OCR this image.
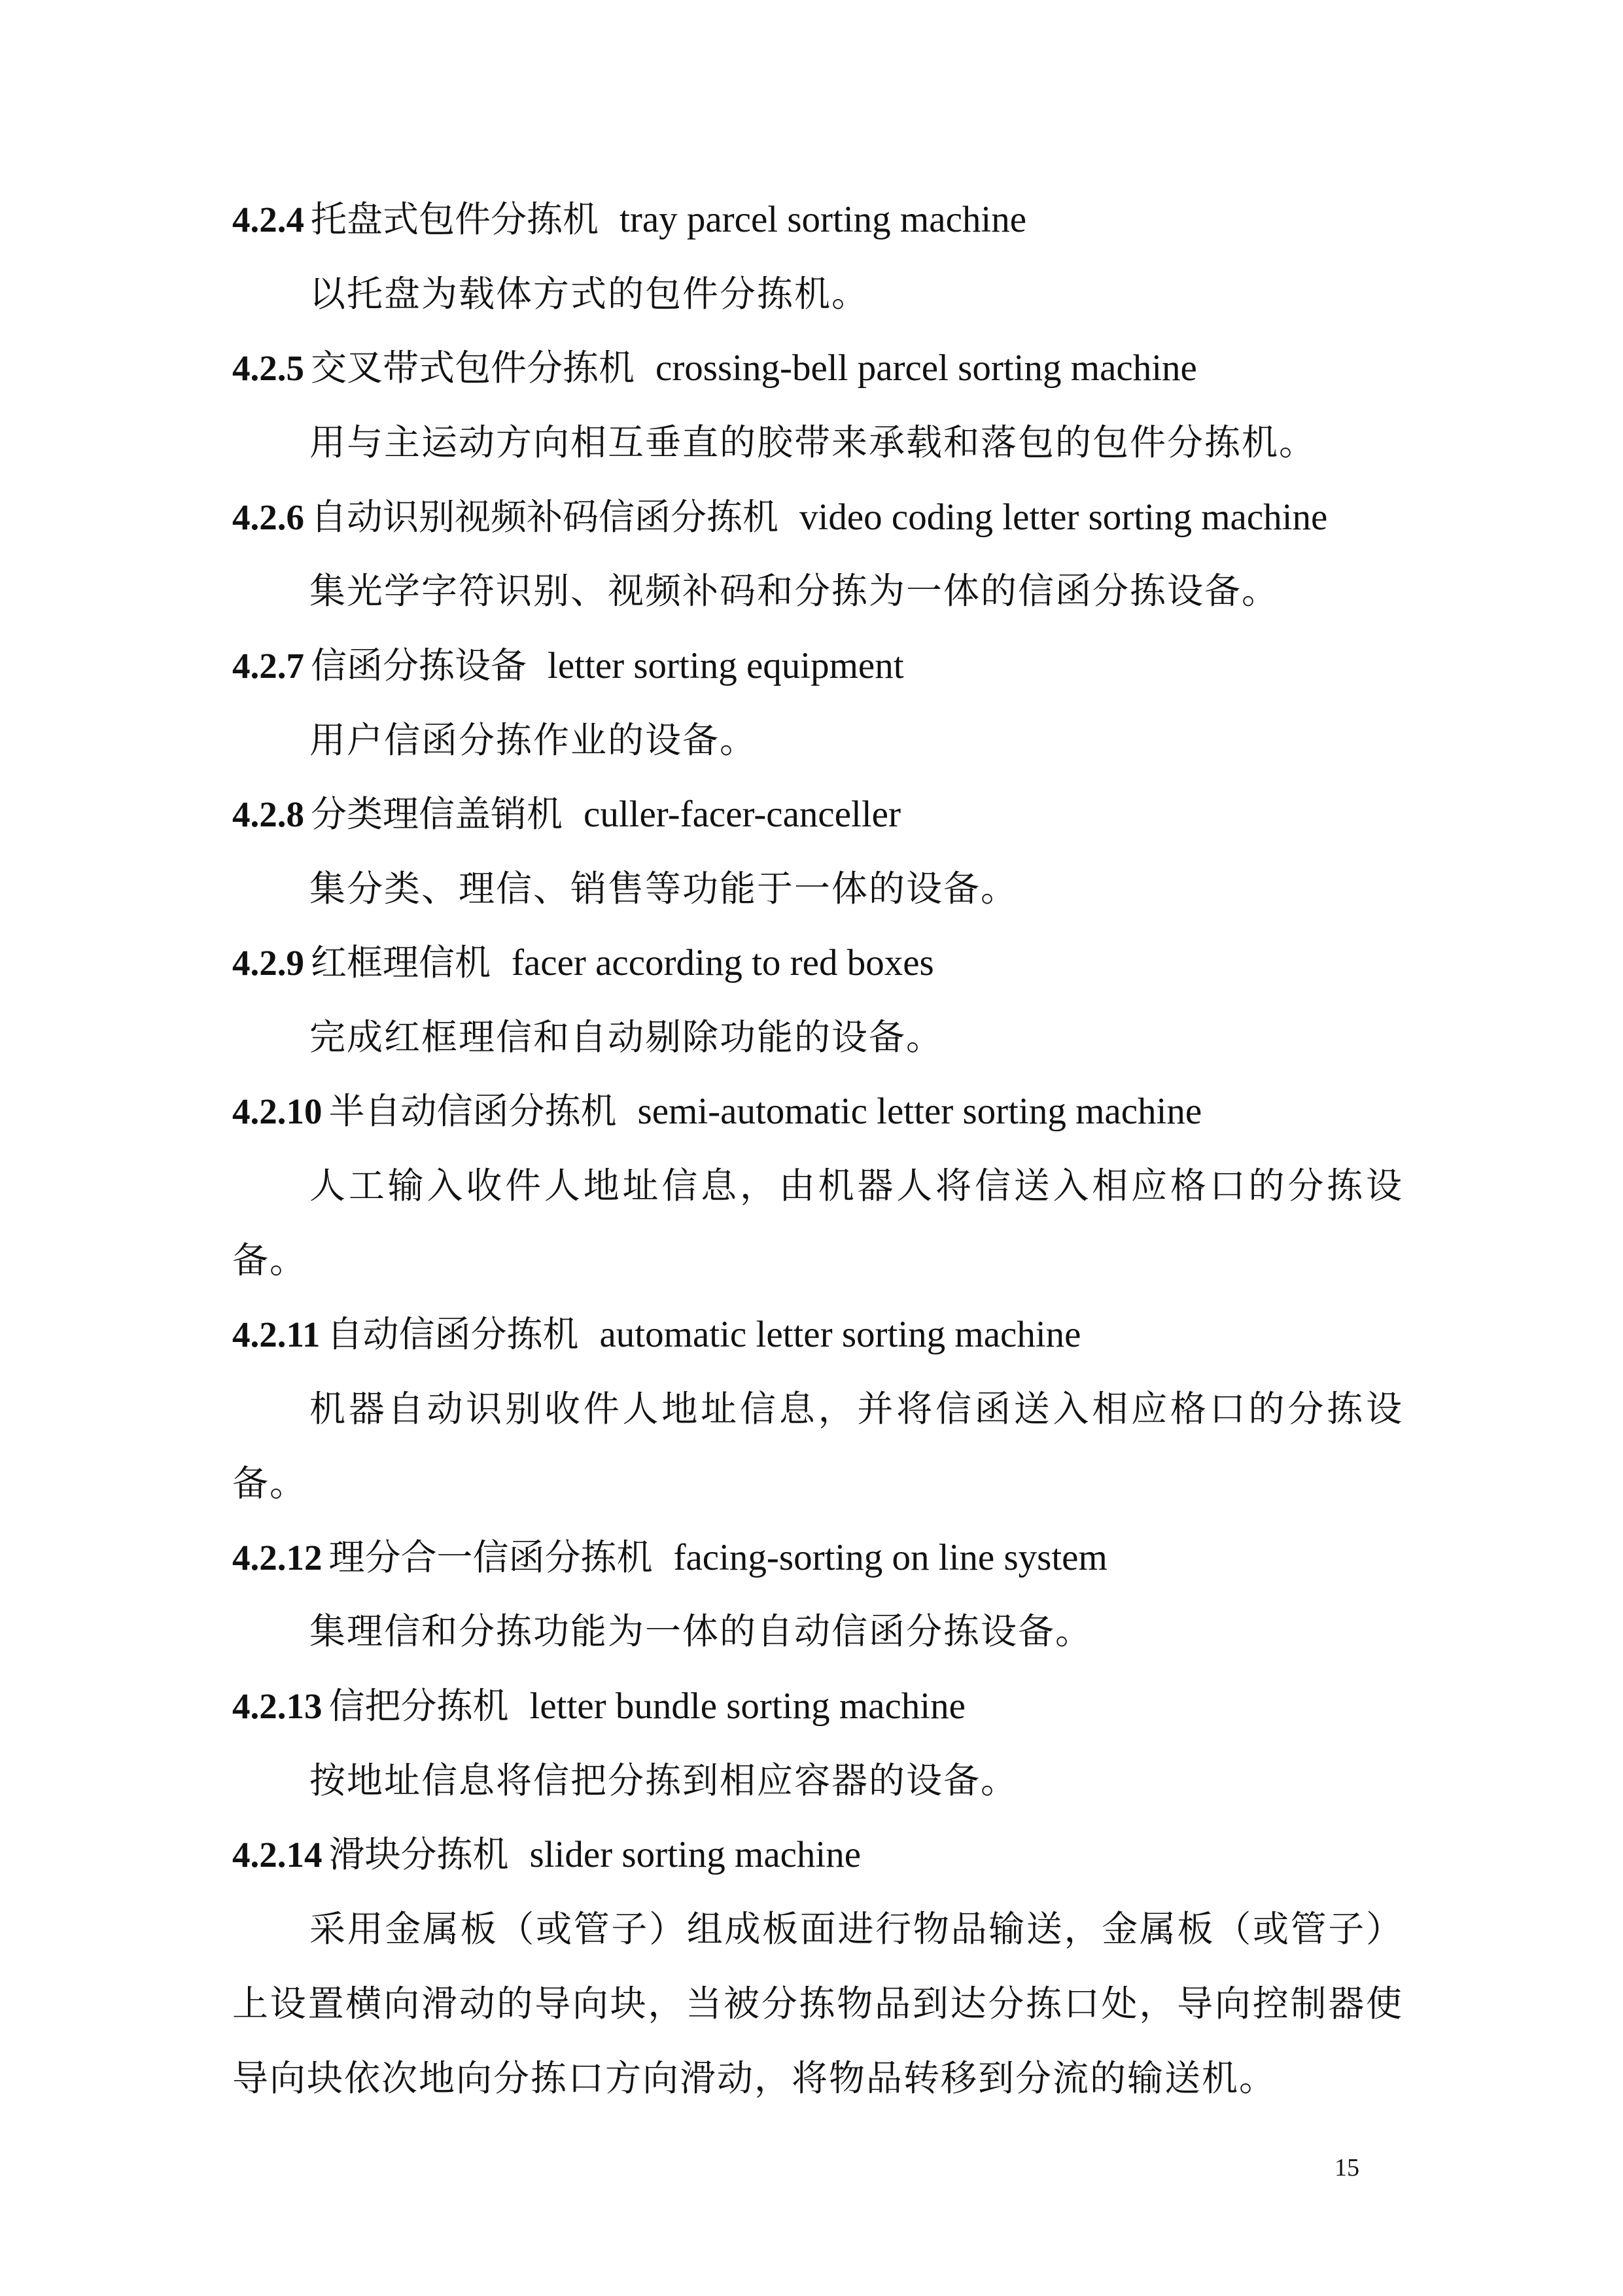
4.2.4 托盘式包件分拣机 tray parcel sorting machine
以托盘为载体方式的包件分拣机。
4.2.5 交叉带式包件分拣机 crossing-bell parcel sorting machine
用与主运动方向相互垂直的胶带来承载和落包的包件分拣机。
4.2.6 自动识别视频补码信函分拣机 video coding letter sorting machine
集光学字符识别、视频补码和分拣为一体的信函分拣设备。
4.2.7 信函分拣设备 letter sorting equipment
用户信函分拣作业的设备。
4.2.8 分类理信盖销机 culler-facer-canceller
集分类、理信、销售等功能于一体的设备。
4.2.9 红框理信机 facer according to red boxes
完成红框理信和自动剔除功能的设备。
4.2.10 半自动信函分拣机 semi-automatic letter sorting machine
人工输入收件人地址信息，由机器人将信送入相应格口的分拣设备。
4.2.11 自动信函分拣机 automatic letter sorting machine
机器自动识别收件人地址信息，并将信函送入相应格口的分拣设备。
4.2.12 理分合一信函分拣机 facing-sorting on line system
集理信和分拣功能为一体的自动信函分拣设备。
4.2.13 信把分拣机 letter bundle sorting machine
按地址信息将信把分拣到相应容器的设备。
4.2.14 滑块分拣机 slider sorting machine
采用金属板（或管子）组成板面进行物品输送，金属板（或管子）上设置横向滑动的导向块，当被分拣物品到达分拣口处，导向控制器使导向块依次地向分拣口方向滑动，将物品转移到分流的输送机。
15
